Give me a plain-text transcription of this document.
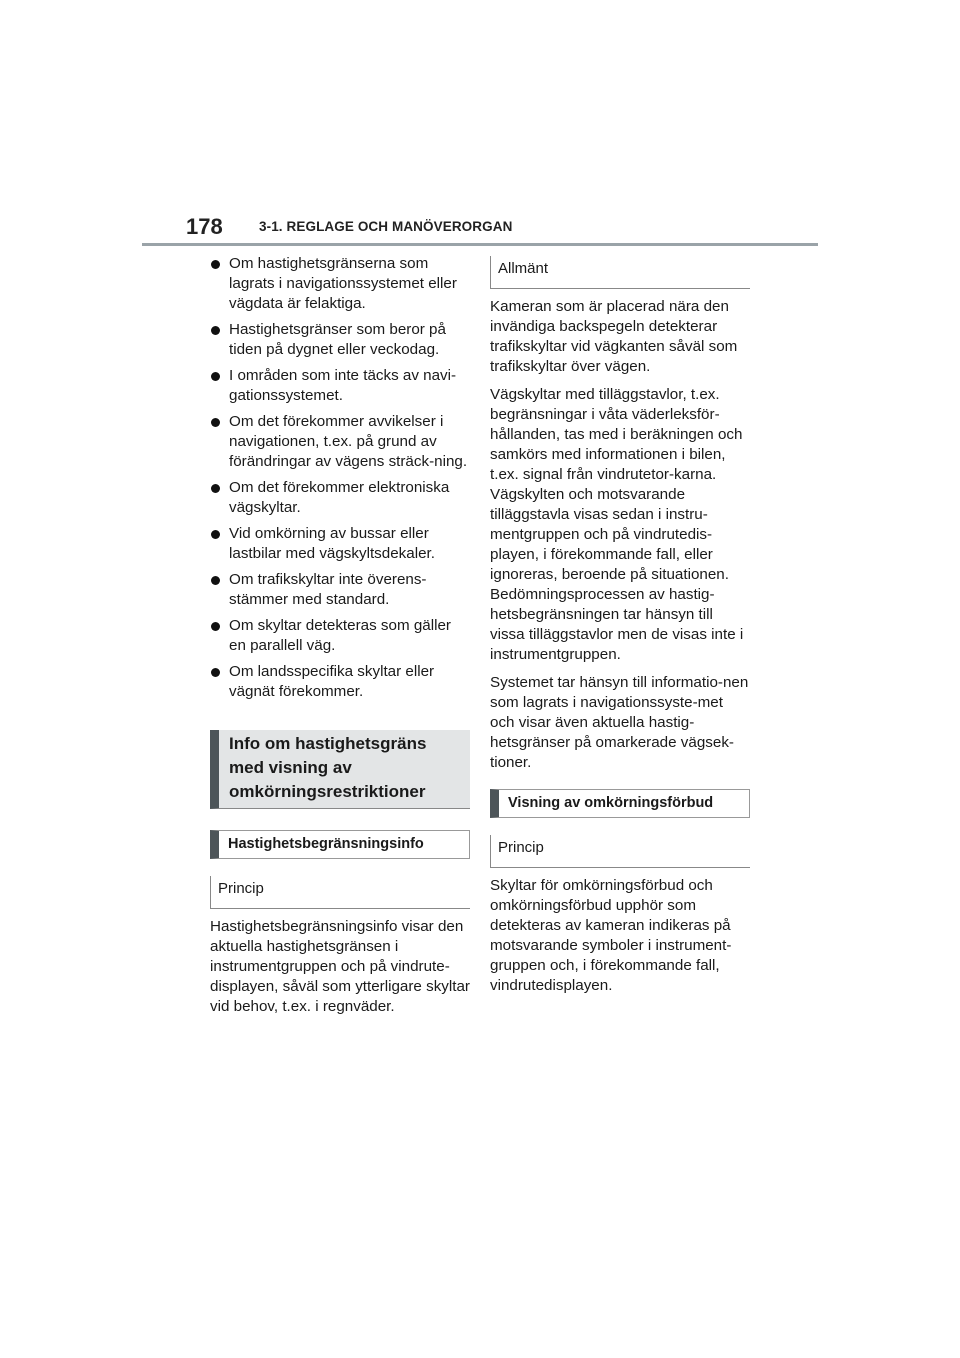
178	3-1. REGLAGE OCH MANÖVERORGAN
Om hastighetsgränserna som lagrats i navigationssystemet eller vägdata är felaktiga.
Hastighetsgränser som beror på tiden på dygnet eller veckodag.
I områden som inte täcks av navi-gationssystemet.
Om det förekommer avvikelser i navigationen, t.ex. på grund av förändringar av vägens sträck-ning.
Om det förekommer elektroniska vägskyltar.
Vid omkörning av bussar eller lastbilar med vägskyltsdekaler.
Om trafikskyltar inte överens-stämmer med standard.
Om skyltar detekteras som gäller en parallell väg.
Om landsspecifika skyltar eller vägnät förekommer.
Info om hastighetsgräns med visning av omkörningsrestriktioner
Hastighetsbegränsningsinfo
Princip

Hastighetsbegränsningsinfo visar den aktuella hastighetsgränsen i instrumentgruppen och på vindrute-displayen, såväl som ytterligare skyltar vid behov, t.ex. i regnväder.

Allmänt

Kameran som är placerad nära den invändiga backspegeln detekterar trafikskyltar vid vägkanten såväl som trafikskyltar över vägen.

Vägskyltar med tilläggstavlor, t.ex. begränsningar i våta väderleksför-hållanden, tas med i beräkningen och samkörs med informationen i bilen, t.ex. signal från vindrutetor-karna. Vägskylten och motsvarande tilläggstavla visas sedan i instru-mentgruppen och på vindrutedis-playen, i förekommande fall, eller ignoreras, beroende på situationen. Bedömningsprocessen av hastig-hetsbegränsningen tar hänsyn till vissa tilläggstavlor men de visas inte i instrumentgruppen.

Systemet tar hänsyn till informatio-nen som lagrats i navigationssyste-met och visar även aktuella hastig-hetsgränser på omarkerade vägsek-tioner.

Visning av omkörningsförbud
Princip

Skyltar för omkörningsförbud och omkörningsförbud upphör som detekteras av kameran indikeras på motsvarande symboler i instrument-gruppen och, i förekommande fall, vindrutedisplayen.
